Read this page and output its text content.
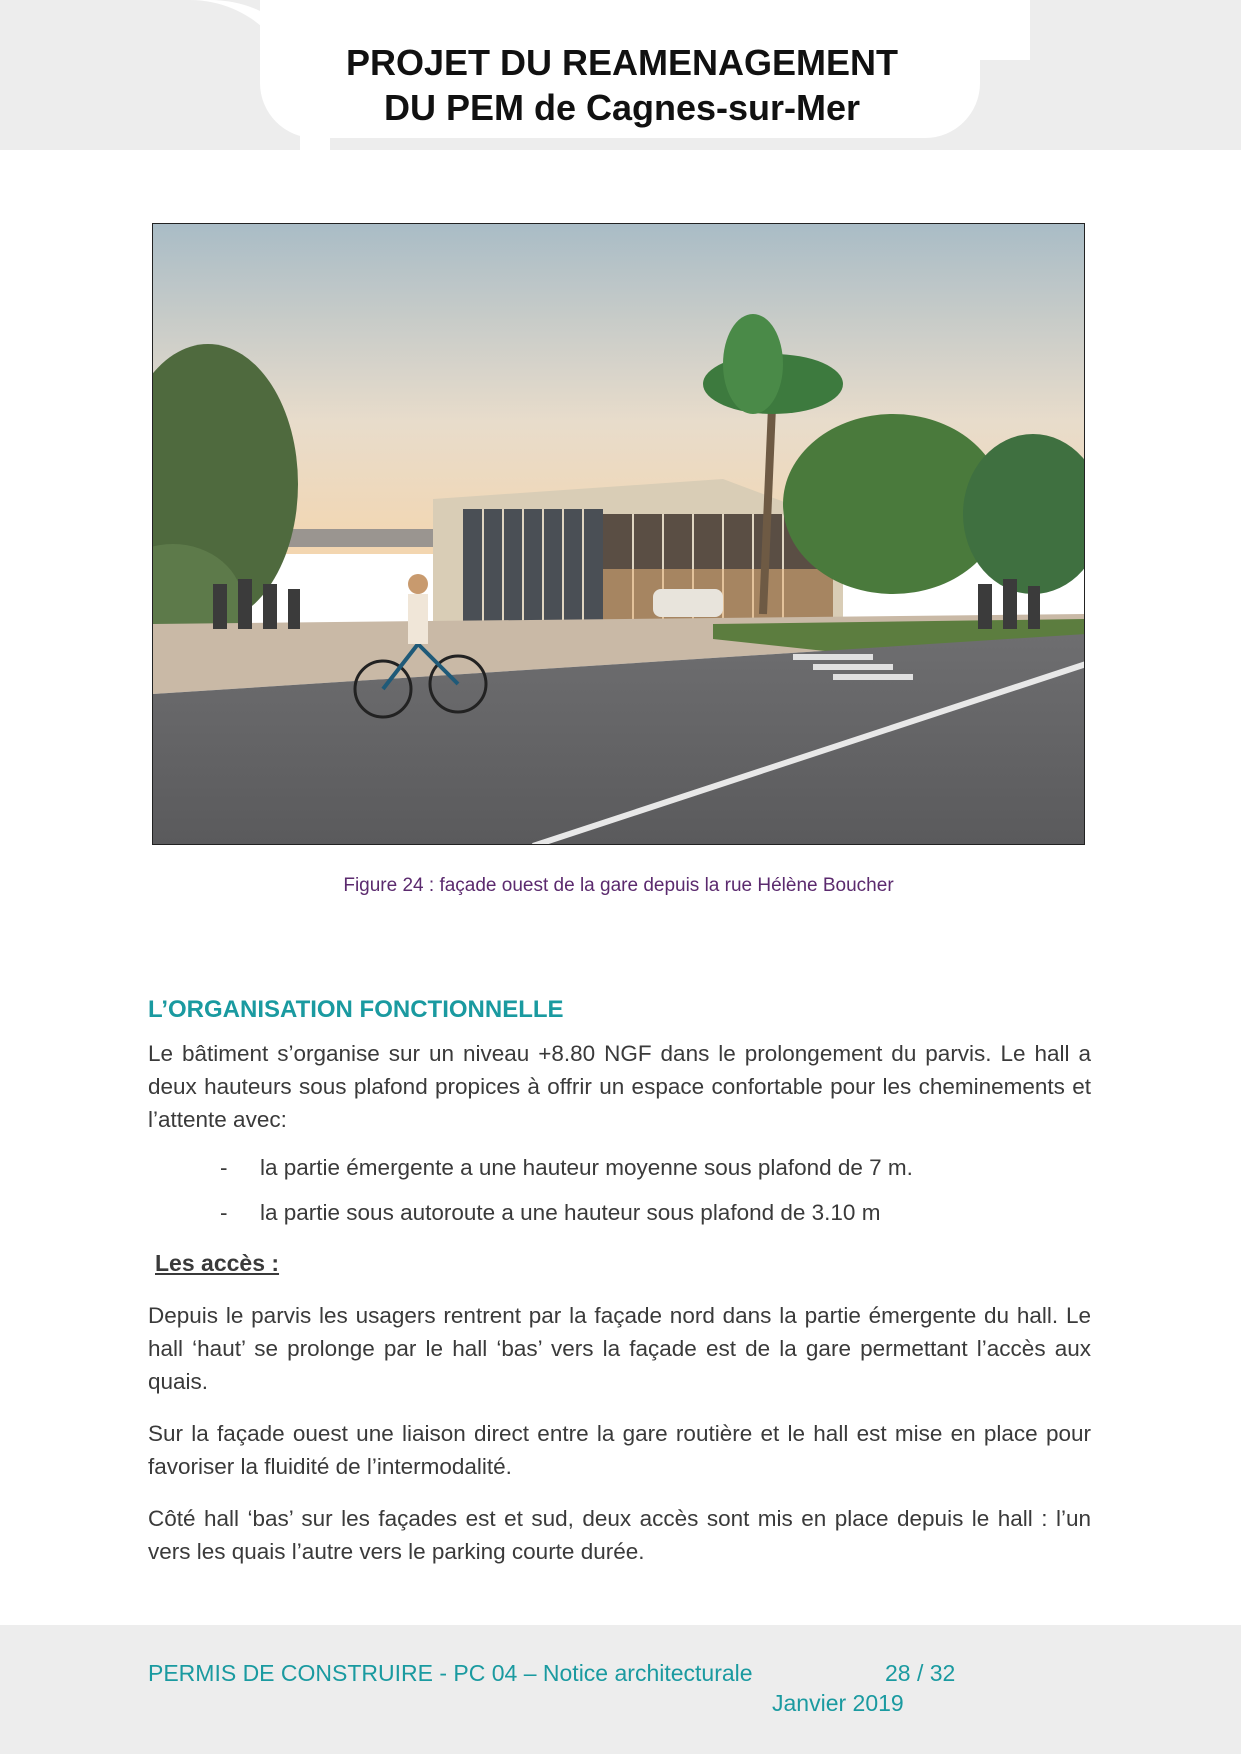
PROJET DU REAMENAGEMENT
DU PEM de Cagnes-sur-Mer
Figure 24 : façade ouest de la gare depuis la rue Hélène Boucher
L’ORGANISATION FONCTIONNELLE
Le bâtiment s’organise sur un niveau +8.80 NGF dans le prolongement du parvis. Le hall a deux hauteurs sous plafond propices à offrir un espace confortable pour les cheminements et l’attente avec:
- la partie émergente a une hauteur moyenne sous plafond de 7 m.
- la partie sous autoroute a une hauteur sous plafond de 3.10 m
Les accès :
Depuis le parvis les usagers rentrent par la façade nord dans la partie émergente du hall. Le hall ‘haut’ se prolonge par le hall ‘bas’ vers la façade est de la gare permettant l’accès aux quais.
Sur la façade ouest une liaison direct entre la gare routière et le hall est mise en place pour favoriser la fluidité de l’intermodalité.
Côté hall ‘bas’ sur les façades est et sud, deux accès sont mis en place depuis le hall : l’un vers les quais l’autre vers le parking courte durée.
PERMIS DE CONSTRUIRE - PC 04 – Notice architecturale	28 / 32
Janvier 2019
